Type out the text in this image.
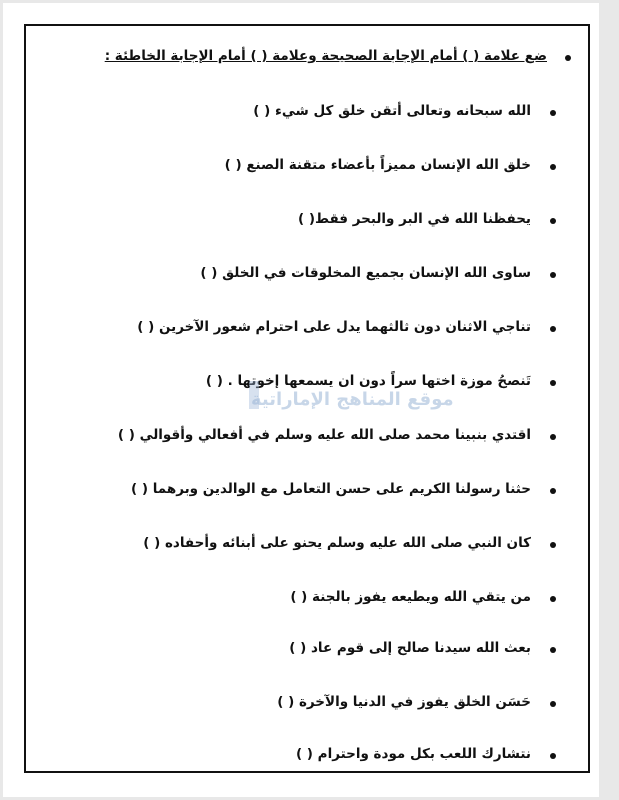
ضع علامة ( ) أمام الإجابة الصحيحة وعلامة ( ) أمام الإجابة الخاطئة :
الله سبحانه وتعالى أتقن خلق كل شيء ( )
خلق الله الإنسان مميزاً بأعضاء متقنة الصنع ( )
يحفظنا الله في البر والبحر فقط( )
ساوى الله الإنسان بجميع المخلوقات في الخلق ( )
تناجي الاثنان دون ثالثهما يدل على احترام شعور الآخرين ( )
تَنصحُ موزة اختها سراً دون ان يسمعها إخوتها . ( )
اقتدي بنبينا محمد صلى الله عليه وسلم في أفعالي وأقوالي ( )
حثنا رسولنا الكريم على حسن التعامل مع الوالدين وبرهما ( )
كان النبي صلى الله عليه وسلم يحنو على أبنائه وأحفاده ( )
من يتقي الله ويطيعه يفوز بالجنة ( )
بعث الله سيدنا صالح إلى قوم عاد ( )
حَسَن الخلق يفوز في الدنيا والآخرة ( )
نتشارك اللعب بكل مودة واحترام ( )
موقع المناهج الإماراتية
